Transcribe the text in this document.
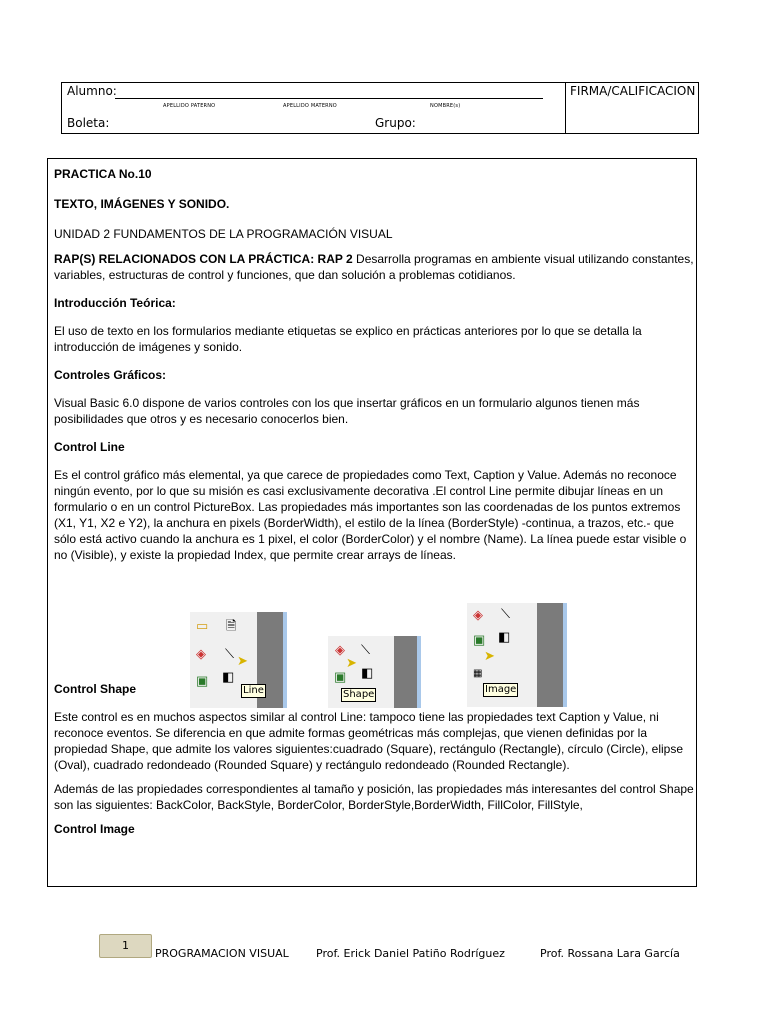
Alumno:
APELLIDO PATERNO	APELLIDO MATERNO	NOMBRE(s)
Boleta:	Grupo:
FIRMA/CALIFICACION

PRACTICA No.10

TEXTO, IMÁGENES Y SONIDO.

UNIDAD 2 FUNDAMENTOS DE LA PROGRAMACIÓN VISUAL

RAP(S) RELACIONADOS CON LA PRÁCTICA: RAP 2 Desarrolla programas en ambiente visual utilizando constantes, variables, estructuras de control y funciones, que dan solución a problemas cotidianos.

Introducción Teórica:

El uso de texto en los formularios mediante etiquetas se explico en prácticas anteriores por lo que se detalla la introducción de imágenes y sonido.

Controles Gráficos:

Visual Basic 6.0 dispone de varios controles con los que insertar gráficos en un formulario algunos tienen más posibilidades que otros y es necesario conocerlos bien.

Control Line

Es el control gráfico más elemental, ya que carece de propiedades como Text, Caption y Value. Además no reconoce ningún evento, por lo que su misión es casi exclusivamente decorativa .El control Line permite dibujar líneas en un formulario o en un control PictureBox. Las propiedades más importantes son las coordenadas de los puntos extremos (X1, Y1, X2 e Y2), la anchura en pixels (BorderWidth), el estilo de la línea (BorderStyle) -continua, a trazos, etc.- que sólo está activo cuando la anchura es 1 pixel, el color (BorderColor) y el nombre (Name). La línea puede estar visible o no (Visible), y existe la propiedad Index, que permite crear arrays de líneas.

Control Shape

Este control es en muchos aspectos similar al control Line: tampoco tiene las propiedades text Caption y Value, ni reconoce eventos. Se diferencia en que admite formas geométricas más complejas, que vienen definidas por la propiedad Shape, que admite los valores siguientes:cuadrado (Square), rectángulo (Rectangle), círculo (Circle), elipse (Oval), cuadrado redondeado (Rounded Square) y rectángulo redondeado (Rounded Rectangle).

Además de las propiedades correspondientes al tamaño y posición, las propiedades más interesantes del control Shape son las siguientes: BackColor, BackStyle, BorderColor, BorderStyle,BorderWidth, FillColor, FillStyle,

Control Image

▭ 🗎
◈ ⟍ ➤
▣ ◧
Line
◈ ⟍
➤
▣ ◧
Shape
◈ ⟍
▣ ◧
➤
▦
Image
1
PROGRAMACION VISUAL Prof. Erick Daniel Patiño Rodríguez	Prof. Rossana Lara García
